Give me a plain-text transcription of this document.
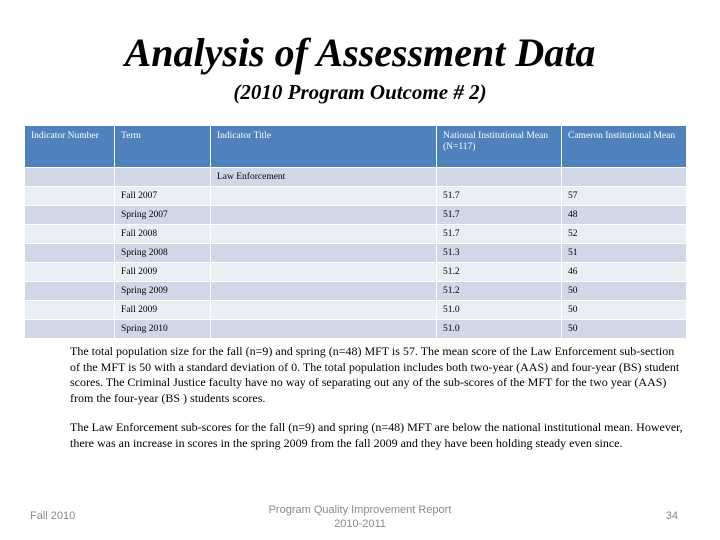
Analysis of Assessment Data
(2010 Program Outcome # 2)
Indicator Number	Term	Indicator Title	National Institutional Mean (N=117)	Cameron Institutional Mean
		Law Enforcement		
	Fall 2007		51.7	57
	Spring 2007		51.7	48
	Fall 2008		51.7	52
	Spring 2008		51.3	51
	Fall 2009		51.2	46
	Spring 2009		51.2	50
	Fall 2009		51.0	50
	Spring 2010		51.0	50
The total population size for the fall (n=9) and spring (n=48) MFT is 57. The mean score of the Law Enforcement sub-section of the MFT is 50 with a standard deviation of 0. The total population includes both two-year (AAS) and four-year (BS) student scores. The Criminal Justice faculty have no way of separating out any of the sub-scores of the MFT for the two year (AAS) from the four-year (BS ) students scores.
The Law Enforcement sub-scores for the fall (n=9) and spring (n=48) MFT are below the national institutional mean. However, there was an increase in scores in the spring 2009 from the fall 2009 and they have been holding steady even since.
Fall 2010	Program Quality Improvement Report
2010-2011
34
